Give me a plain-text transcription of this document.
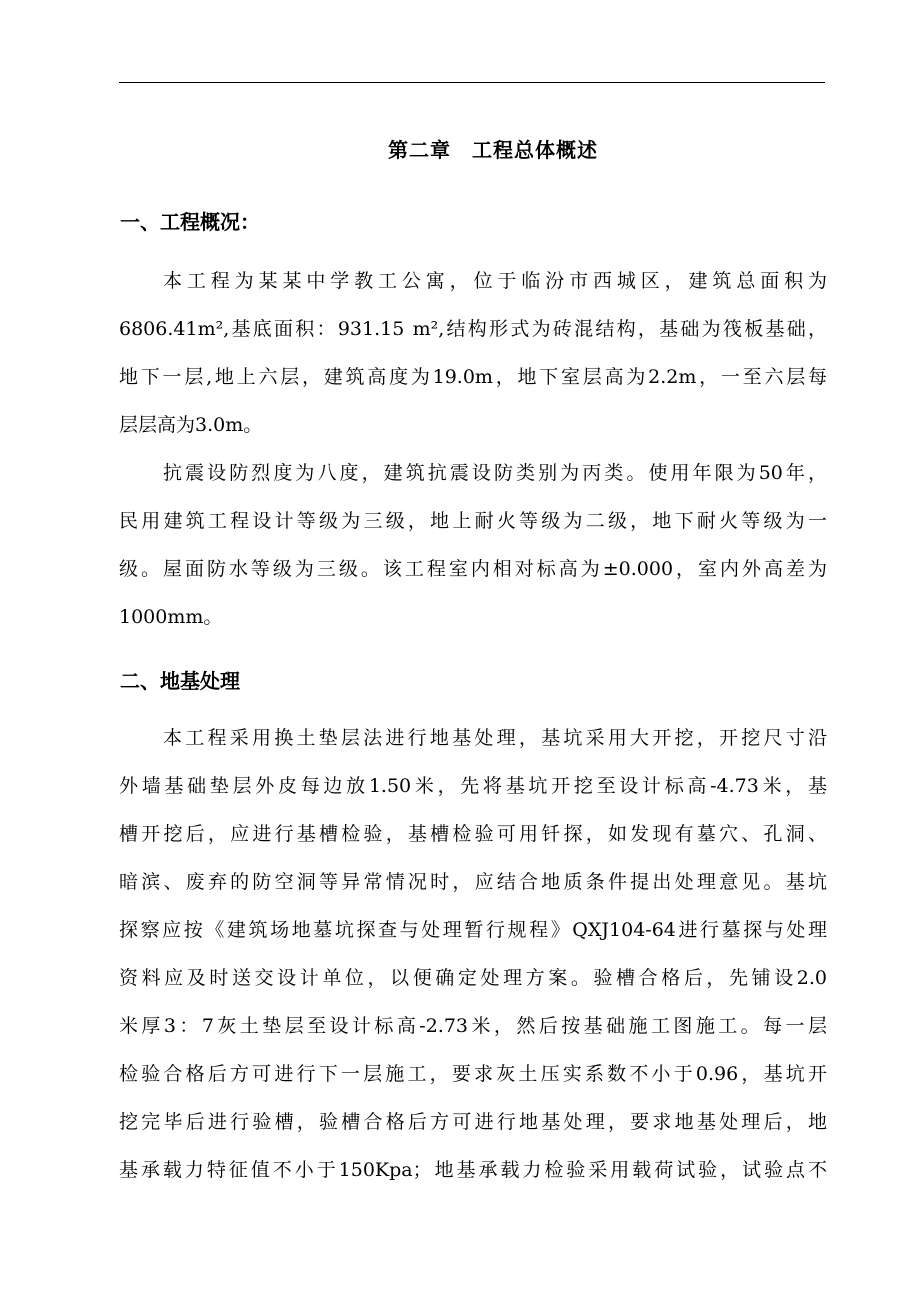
第二章　工程总体概述
一、工程概况：
本工程为某某中学教工公寓，位于临汾市西城区，建筑总面积为
6806.41m²,基底面积：931.15 m²,结构形式为砖混结构，基础为筏板基础，
地下一层,地上六层，建筑高度为19.0m，地下室层高为2.2m，一至六层每
层层高为3.0m。
抗震设防烈度为八度，建筑抗震设防类别为丙类。使用年限为50年，
民用建筑工程设计等级为三级，地上耐火等级为二级，地下耐火等级为一
级。屋面防水等级为三级。该工程室内相对标高为±0.000，室内外高差为
1000mm。
二、地基处理
本工程采用换土垫层法进行地基处理，基坑采用大开挖，开挖尺寸沿
外墙基础垫层外皮每边放1.50米，先将基坑开挖至设计标高-4.73米，基
槽开挖后，应进行基槽检验，基槽检验可用钎探，如发现有墓穴、孔洞、
暗滨、废弃的防空洞等异常情况时，应结合地质条件提出处理意见。基坑
探察应按《建筑场地墓坑探查与处理暂行规程》QXJ104-64进行墓探与处理
资料应及时送交设计单位，以便确定处理方案。验槽合格后，先铺设2.0
米厚3：7灰土垫层至设计标高-2.73米，然后按基础施工图施工。每一层
检验合格后方可进行下一层施工，要求灰土压实系数不小于0.96，基坑开
挖完毕后进行验槽，验槽合格后方可进行地基处理，要求地基处理后，地
基承载力特征值不小于150Kpa；地基承载力检验采用载荷试验，试验点不
